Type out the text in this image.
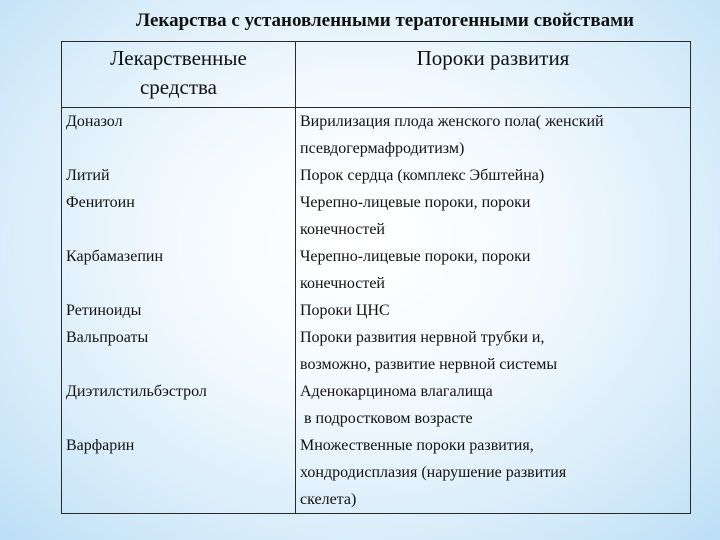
Лекарства с установленными тератогенными свойствами
Лекарственные
средства	Пороки развития

Доназол	Вирилизация плода женского пола( женский
псевдогермафродитизм)

Литий	Порок сердца (комплекс Эбштейна)

Фенитоин	Черепно-лицевые пороки, пороки
конечностей

Карбамазепин	Черепно-лицевые пороки, пороки
конечностей

Ретиноиды	Пороки ЦНС

Вальпроаты	Пороки развития нервной трубки и,
возможно, развитие нервной системы

Диэтилстильбэстрол	Аденокарцинома влагалища
в подростковом возрасте

Варфарин	Множественные пороки развития,
хондродисплазия (нарушение развития
скелета)
